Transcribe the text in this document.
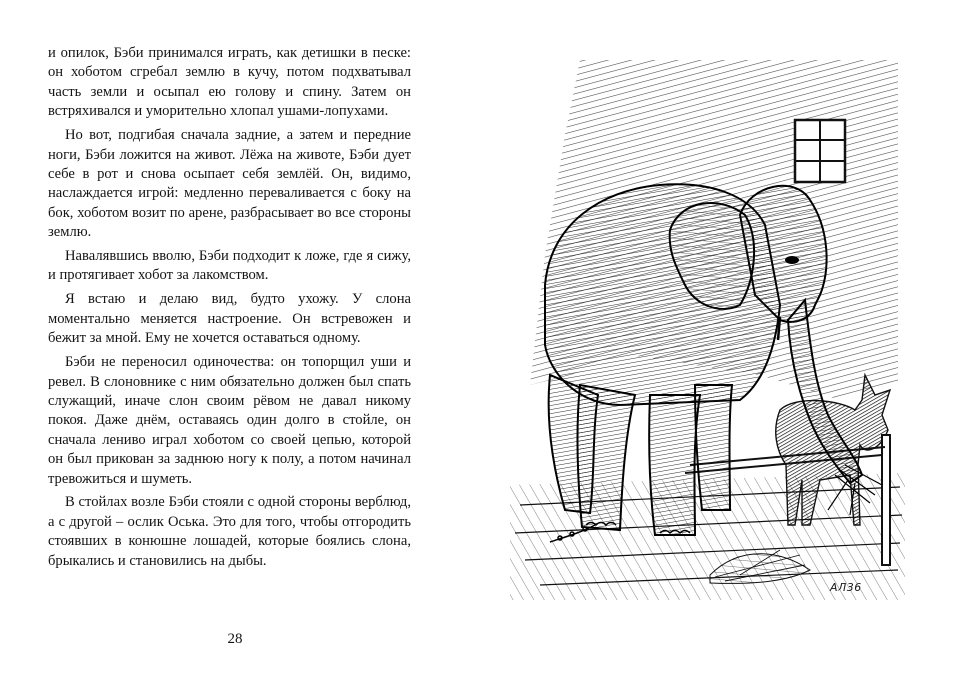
и опилок, Бэби принимался играть, как детишки в песке: он хоботом сгребал землю в кучу, потом подхватывал часть земли и осыпал ею голову и спину. Затем он встряхивался и уморительно хлопал ушами-лопухами.

Но вот, подгибая сначала задние, а затем и передние ноги, Бэби ложится на живот. Лёжа на животе, Бэби дует себе в рот и снова осыпает себя землёй. Он, видимо, наслаждается игрой: медленно переваливается с боку на бок, хоботом возит по арене, разбрасывает во все стороны землю.

Навалявшись вволю, Бэби подходит к ложе, где я сижу, и протягивает хобот за лакомством.

Я встаю и делаю вид, будто ухожу. У слона моментально меняется настроение. Он встревожен и бежит за мной. Ему не хочется оставаться одному.

Бэби не переносил одиночества: он топорщил уши и ревел. В слоновнике с ним обязательно должен был спать служащий, иначе слон своим рёвом не давал никому покоя. Даже днём, оставаясь один долго в стойле, он сначала лениво играл хоботом со своей цепью, которой он был прикован за заднюю ногу к полу, а потом начинал тревожиться и шуметь.

В стойлах возле Бэби стояли с одной стороны верблюд, а с другой – ослик Оська. Это для того, чтобы отгородить стоявших в конюшне лошадей, которые боялись слона, брыкались и становились на дыбы.

28
АЛ36
